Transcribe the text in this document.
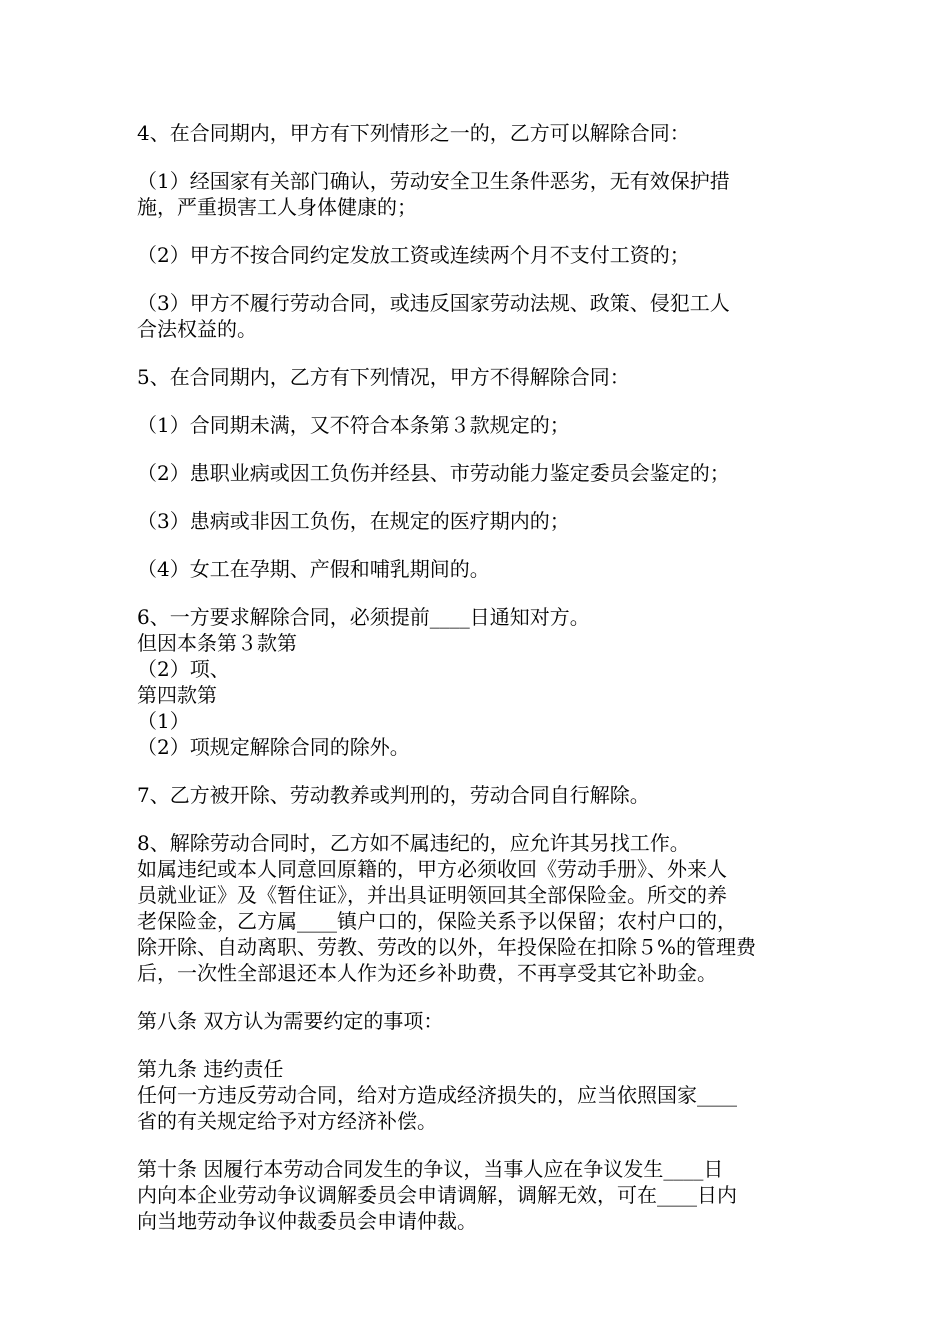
4、在合同期内，甲方有下列情形之一的，乙方可以解除合同：
（1）经国家有关部门确认，劳动安全卫生条件恶劣，无有效保护措
施，严重损害工人身体健康的；
（2）甲方不按合同约定发放工资或连续两个月不支付工资的；
（3）甲方不履行劳动合同，或违反国家劳动法规、政策、侵犯工人
合法权益的。
5、在合同期内，乙方有下列情况，甲方不得解除合同：
（1）合同期未满，又不符合本条第３款规定的；
（2）患职业病或因工负伤并经县、市劳动能力鉴定委员会鉴定的；
（3）患病或非因工负伤，在规定的医疗期内的；
（4）女工在孕期、产假和哺乳期间的。
6、一方要求解除合同，必须提前____日通知对方。
但因本条第３款第
（2）项、
第四款第
（1）
（2）项规定解除合同的除外。
7、乙方被开除、劳动教养或判刑的，劳动合同自行解除。
8、解除劳动合同时，乙方如不属违纪的，应允许其另找工作。
如属违纪或本人同意回原籍的，甲方必须收回《劳动手册》、外来人
员就业证》及《暂住证》，并出具证明领回其全部保险金。所交的养
老保险金，乙方属____镇户口的，保险关系予以保留；农村户口的，
除开除、自动离职、劳教、劳改的以外，年投保险在扣除５%的管理费
后，一次性全部退还本人作为还乡补助费，不再享受其它补助金。
第八条 双方认为需要约定的事项：
第九条 违约责任
任何一方违反劳动合同，给对方造成经济损失的，应当依照国家____
省的有关规定给予对方经济补偿。
第十条 因履行本劳动合同发生的争议，当事人应在争议发生____日
内向本企业劳动争议调解委员会申请调解，调解无效，可在____日内
向当地劳动争议仲裁委员会申请仲裁。
